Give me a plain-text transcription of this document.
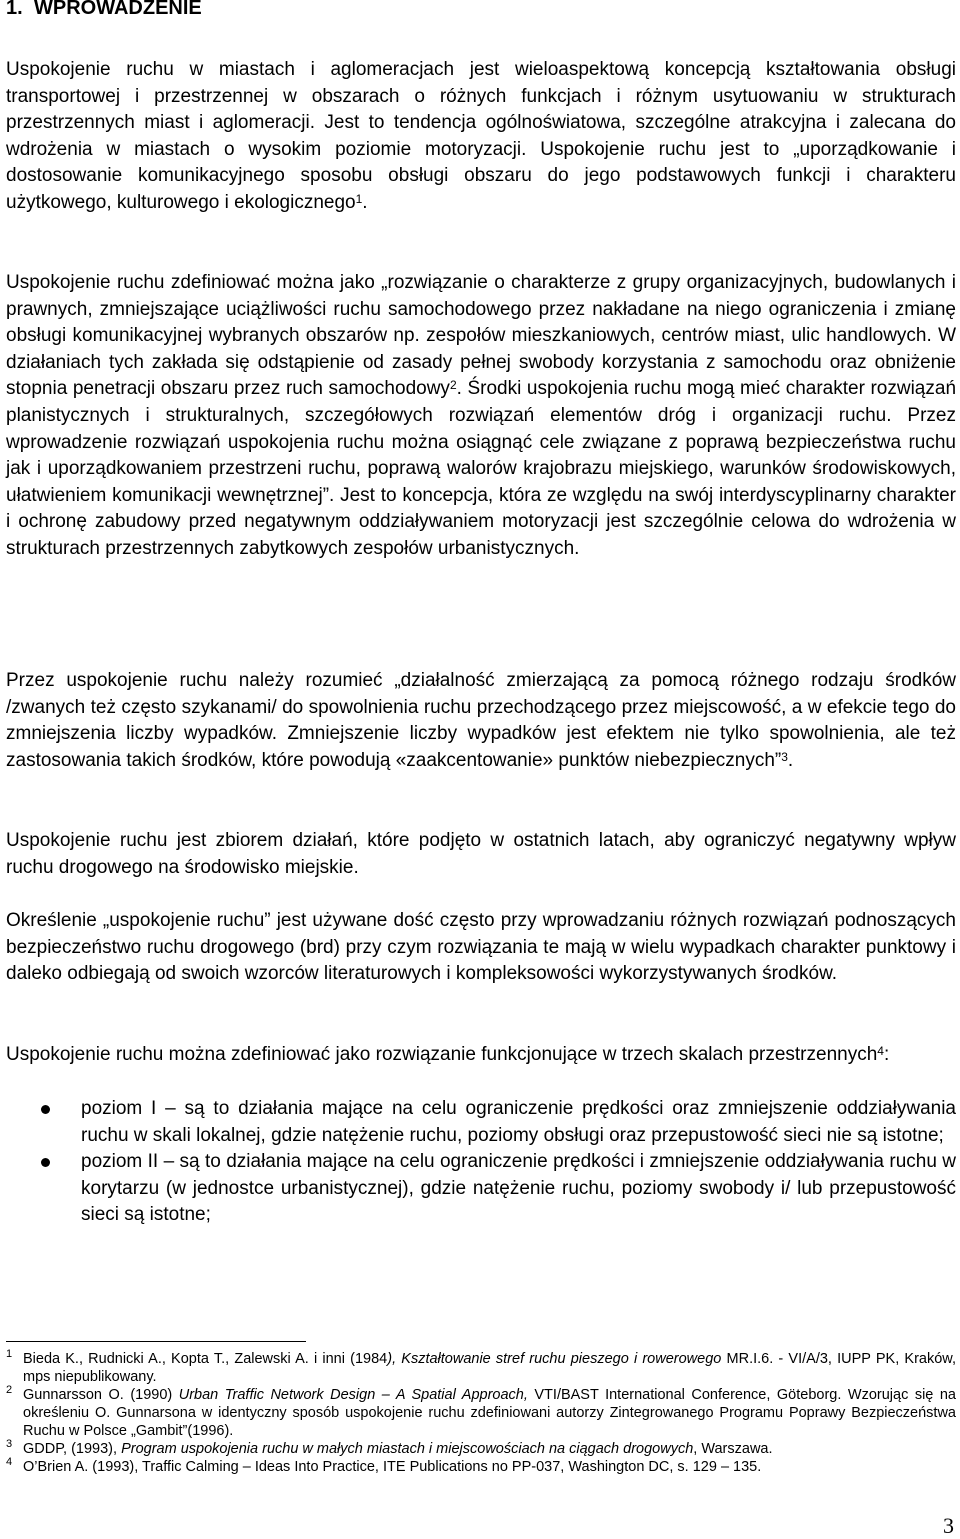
1. WPROWADZENIE

Uspokojenie ruchu w miastach i aglomeracjach jest wieloaspektową koncepcją kształtowania obsługi transportowej i przestrzennej w obszarach o różnych funkcjach i różnym usytuowaniu w strukturach przestrzennych miast i aglomeracji. Jest to tendencja ogólnoświatowa, szczególne atrakcyjna i zalecana do wdrożenia w miastach o wysokim poziomie motoryzacji. Uspokojenie ruchu jest to „uporządkowanie i dostosowanie komunikacyjnego sposobu obsługi obszaru do jego podstawowych funkcji i charakteru użytkowego, kulturowego i ekologicznego$^1$.

Uspokojenie ruchu zdefiniować można jako „rozwiązanie o charakterze z grupy organizacyjnych, budowlanych i prawnych, zmniejszające uciążliwości ruchu samochodowego przez nakładane na niego ograniczenia i zmianę obsługi komunikacyjnej wybranych obszarów np. zespołów mieszkaniowych, centrów miast, ulic handlowych. W działaniach tych zakłada się odstąpienie od zasady pełnej swobody korzystania z samochodu oraz obniżenie stopnia penetracji obszaru przez ruch samochodowy$^2$. Środki uspokojenia ruchu mogą mieć charakter rozwiązań planistycznych i strukturalnych, szczegółowych rozwiązań elementów dróg i organizacji ruchu. Przez wprowadzenie rozwiązań uspokojenia ruchu można osiągnąć cele związane z poprawą bezpieczeństwa ruchu jak i uporządkowaniem przestrzeni ruchu, poprawą walorów krajobrazu miejskiego, warunków środowiskowych, ułatwieniem komunikacji wewnętrznej”. Jest to koncepcja, która ze względu na swój interdyscyplinarny charakter i ochronę zabudowy przed negatywnym oddziaływaniem motoryzacji jest szczególnie celowa do wdrożenia w strukturach przestrzennych zabytkowych zespołów urbanistycznych.

Przez uspokojenie ruchu należy rozumieć „działalność zmierzającą za pomocą różnego rodzaju środków /zwanych też często szykanami/ do spowolnienia ruchu przechodzącego przez miejscowość, a w efekcie tego do zmniejszenia liczby wypadków. Zmniejszenie liczby wypadków jest efektem nie tylko spowolnienia, ale też zastosowania takich środków, które powodują «zaakcentowanie» punktów niebezpiecznych”$^3$.

Uspokojenie ruchu jest zbiorem działań, które podjęto w ostatnich latach, aby ograniczyć negatywny wpływ ruchu drogowego na środowisko miejskie.

Określenie „uspokojenie ruchu” jest używane dość często przy wprowadzaniu różnych rozwiązań podnoszących bezpieczeństwo ruchu drogowego (brd) przy czym rozwiązania te mają w wielu wypadkach charakter punktowy i daleko odbiegają od swoich wzorców literaturowych i kompleksowości wykorzystywanych środków.

Uspokojenie ruchu można zdefiniować jako rozwiązanie funkcjonujące w trzech skalach przestrzennych$^4$:

poziom I – są to działania mające na celu ograniczenie prędkości oraz zmniejszenie oddziaływania ruchu w skali lokalnej, gdzie natężenie ruchu, poziomy obsługi oraz przepustowość sieci nie są istotne;
poziom II – są to działania mające na celu ograniczenie prędkości i zmniejszenie oddziaływania ruchu w korytarzu (w jednostce urbanistycznej), gdzie natężenie ruchu, poziomy swobody i/ lub przepustowość sieci są istotne;
1 Bieda K., Rudnicki A., Kopta T., Zalewski A. i inni (1984), Kształtowanie stref ruchu pieszego i rowerowego MR.I.6. - VI/A/3, IUPP PK, Kraków, mps niepublikowany.
2 Gunnarsson O. (1990) Urban Traffic Network Design – A Spatial Approach, VTI/BAST International Conference, Göteborg. Wzorując się na określeniu O. Gunnarsona w identyczny sposób uspokojenie ruchu zdefiniowani autorzy Zintegrowanego Programu Poprawy Bezpieczeństwa Ruchu w Polsce „Gambit”(1996).
3 GDDP, (1993), Program uspokojenia ruchu w małych miastach i miejscowościach na ciągach drogowych, Warszawa.
4 O’Brien A. (1993), Traffic Calming – Ideas Into Practice, ITE Publications no PP-037, Washington DC, s. 129 – 135.
3
